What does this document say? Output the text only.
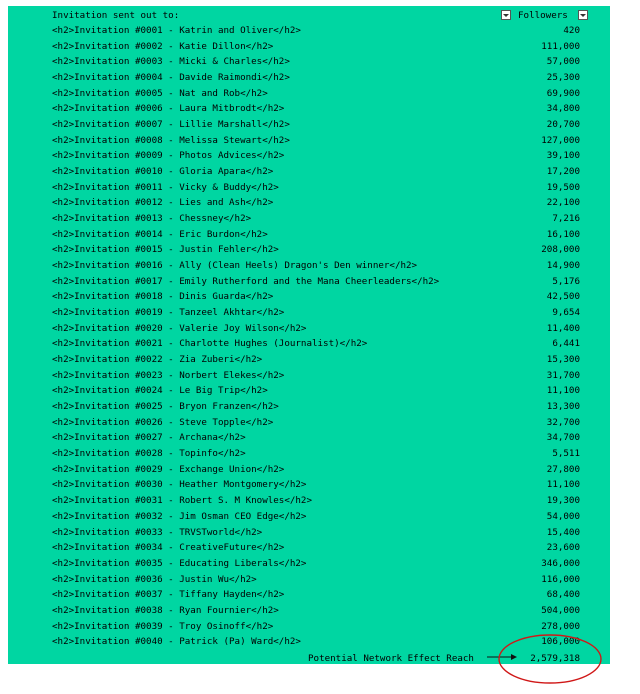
Invitation sent out to:	Followers
<h2>Invitation #0001 - Katrin and Oliver</h2>	420
<h2>Invitation #0002 - Katie Dillon</h2>	111,000
<h2>Invitation #0003 - Micki & Charles</h2>	57,000
<h2>Invitation #0004 - Davide Raimondi</h2>	25,300
<h2>Invitation #0005 - Nat and Rob</h2>	69,900
<h2>Invitation #0006 - Laura Mitbrodt</h2>	34,800
<h2>Invitation #0007 - Lillie Marshall</h2>	20,700
<h2>Invitation #0008 - Melissa Stewart</h2>	127,000
<h2>Invitation #0009 - Photos Advices</h2>	39,100
<h2>Invitation #0010 - Gloria Apara</h2>	17,200
<h2>Invitation #0011 - Vicky & Buddy</h2>	19,500
<h2>Invitation #0012 - Lies and Ash</h2>	22,100
<h2>Invitation #0013 - Chessney</h2>	7,216
<h2>Invitation #0014 - Eric Burdon</h2>	16,100
<h2>Invitation #0015 - Justin Fehler</h2>	208,000
<h2>Invitation #0016 - Ally (Clean Heels) Dragon's Den winner</h2>	14,900
<h2>Invitation #0017 - Emily Rutherford and the Mana Cheerleaders</h2>	5,176
<h2>Invitation #0018 - Dinis Guarda</h2>	42,500
<h2>Invitation #0019 - Tanzeel Akhtar</h2>	9,654
<h2>Invitation #0020 - Valerie Joy Wilson</h2>	11,400
<h2>Invitation #0021 - Charlotte Hughes (Journalist)</h2>	6,441
<h2>Invitation #0022 - Zia Zuberi</h2>	15,300
<h2>Invitation #0023 - Norbert Elekes</h2>	31,700
<h2>Invitation #0024 - Le Big Trip</h2>	11,100
<h2>Invitation #0025 - Bryon Franzen</h2>	13,300
<h2>Invitation #0026 - Steve Topple</h2>	32,700
<h2>Invitation #0027 - Archana</h2>	34,700
<h2>Invitation #0028 - Topinfo</h2>	5,511
<h2>Invitation #0029 - Exchange Union</h2>	27,800
<h2>Invitation #0030 - Heather Montgomery</h2>	11,100
<h2>Invitation #0031 - Robert S. M Knowles</h2>	19,300
<h2>Invitation #0032 - Jim Osman CEO Edge</h2>	54,000
<h2>Invitation #0033 - TRVSTworld</h2>	15,400
<h2>Invitation #0034 - CreativeFuture</h2>	23,600
<h2>Invitation #0035 - Educating Liberals</h2>	346,000
<h2>Invitation #0036 - Justin Wu</h2>	116,000
<h2>Invitation #0037 - Tiffany Hayden</h2>	68,400
<h2>Invitation #0038 - Ryan Fournier</h2>	504,000
<h2>Invitation #0039 - Troy Osinoff</h2>	278,000
<h2>Invitation #0040 - Patrick (Pa) Ward</h2>	106,000
Potential Network Effect Reach	2,579,318
